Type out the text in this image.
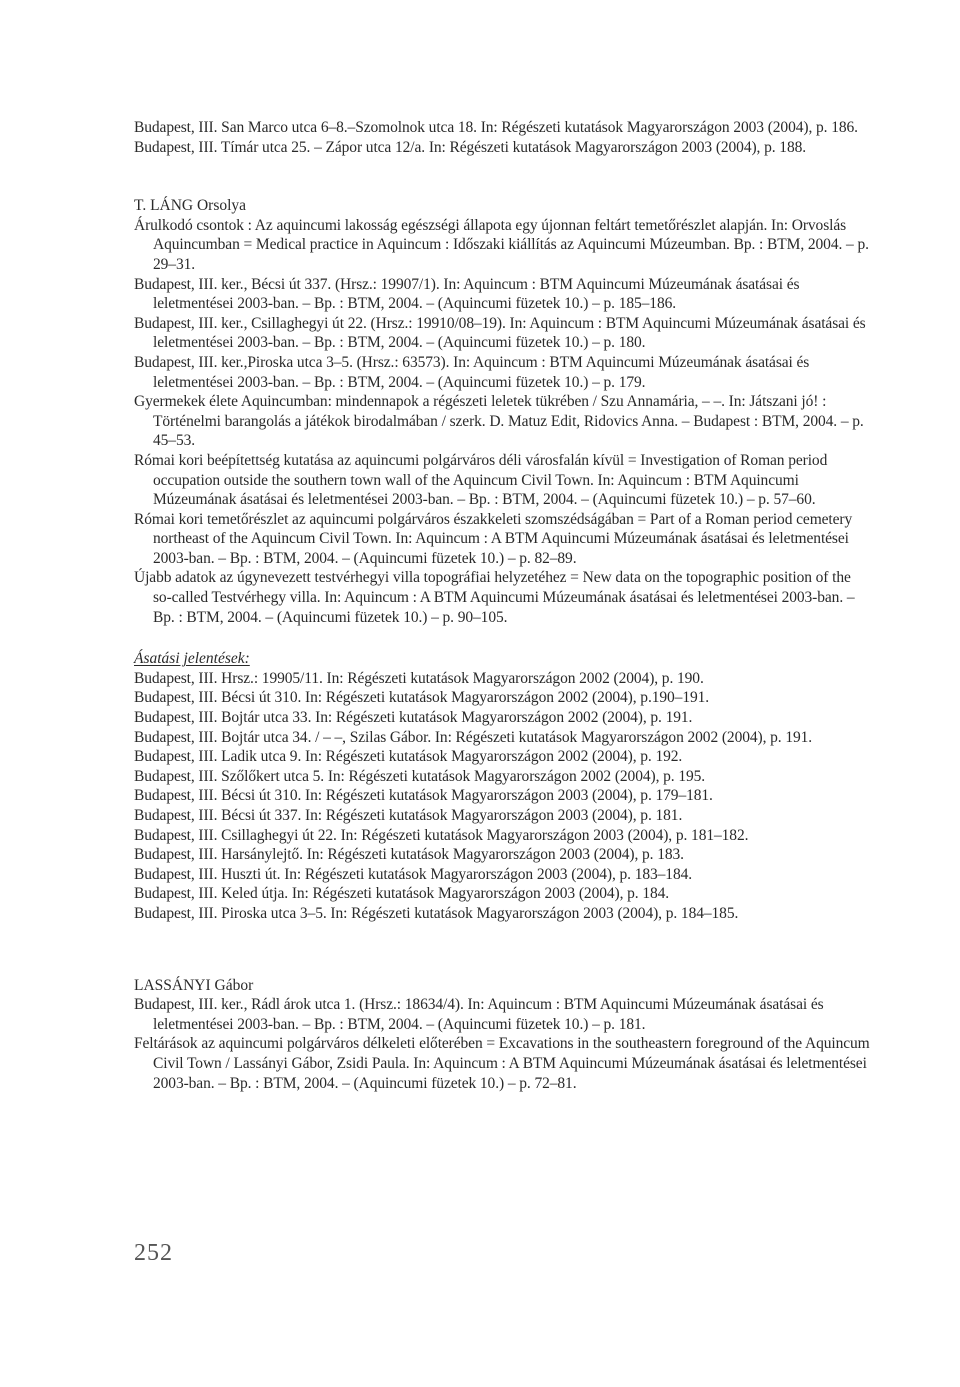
Budapest, III. San Marco utca 6–8.–Szomolnok utca 18. In: Régészeti kutatások Magyarországon 2003 (2004), p. 186.

Budapest, III. Tímár utca 25. – Zápor utca 12/a. In: Régészeti kutatások Magyarországon 2003 (2004), p. 188.

T. LÁNG Orsolya

Árulkodó csontok : Az aquincumi lakosság egészségi állapota egy újonnan feltárt temetőrészlet alapján. In: Orvoslás Aquincumban = Medical practice in Aquincum : Időszaki kiállítás az Aquincumi Múzeumban. Bp. : BTM, 2004. – p. 29–31.

Budapest, III. ker., Bécsi út 337. (Hrsz.: 19907/1). In: Aquincum : BTM Aquincumi Múzeumának ásatásai és leletmentései 2003-ban. – Bp. : BTM, 2004. – (Aquincumi füzetek 10.) – p. 185–186.

Budapest, III. ker., Csillaghegyi út 22. (Hrsz.: 19910/08–19). In: Aquincum : BTM Aquincumi Múzeumának ásatásai és leletmentései 2003-ban. – Bp. : BTM, 2004. – (Aquincumi füzetek 10.) – p. 180.

Budapest, III. ker.,Piroska utca 3–5. (Hrsz.: 63573). In: Aquincum : BTM Aquincumi Múzeumának ásatásai és leletmentései 2003-ban. – Bp. : BTM, 2004. – (Aquincumi füzetek 10.) – p. 179.

Gyermekek élete Aquincumban: mindennapok a régészeti leletek tükrében / Szu Annamária, – –. In: Játszani jó! : Történelmi barangolás a játékok birodalmában / szerk. D. Matuz Edit, Ridovics Anna. – Budapest : BTM, 2004. – p. 45–53.

Római kori beépítettség kutatása az aquincumi polgárváros déli városfalán kívül = Investigation of Roman period occupation outside the southern town wall of the Aquincum Civil Town. In: Aquincum : BTM Aquincumi Múzeumának ásatásai és leletmentései 2003-ban. – Bp. : BTM, 2004. – (Aquincumi füzetek 10.) – p. 57–60.

Római kori temetőrészlet az aquincumi polgárváros északkeleti szomszédságában = Part of a Roman period cemetery northeast of the Aquincum Civil Town. In: Aquincum : A BTM Aquincumi Múzeumának ásatásai és leletmentései 2003-ban. – Bp. : BTM, 2004. – (Aquincumi füzetek 10.) – p. 82–89.

Újabb adatok az úgynevezett testvérhegyi villa topográfiai helyzetéhez = New data on the topographic position of the so-called Testvérhegy villa. In: Aquincum : A BTM Aquincumi Múzeumának ásatásai és leletmentései 2003-ban. – Bp. : BTM, 2004. – (Aquincumi füzetek 10.) – p. 90–105.

Ásatási jelentések:

Budapest, III. Hrsz.: 19905/11. In: Régészeti kutatások Magyarországon 2002 (2004), p. 190.

Budapest, III. Bécsi út 310. In: Régészeti kutatások Magyarországon 2002 (2004), p.190–191.

Budapest, III. Bojtár utca 33. In: Régészeti kutatások Magyarországon 2002 (2004), p. 191.

Budapest, III. Bojtár utca 34. / – –, Szilas Gábor. In: Régészeti kutatások Magyarországon 2002 (2004), p. 191.

Budapest, III. Ladik utca 9. In: Régészeti kutatások Magyarországon 2002 (2004), p. 192.

Budapest, III. Szőlőkert utca 5. In: Régészeti kutatások Magyarországon 2002 (2004), p. 195.

Budapest, III. Bécsi út 310. In: Régészeti kutatások Magyarországon 2003 (2004), p. 179–181.

Budapest, III. Bécsi út 337. In: Régészeti kutatások Magyarországon 2003 (2004), p. 181.

Budapest, III. Csillaghegyi út 22. In: Régészeti kutatások Magyarországon 2003 (2004), p. 181–182.

Budapest, III. Harsánylejtő. In: Régészeti kutatások Magyarországon 2003 (2004), p. 183.

Budapest, III. Huszti út. In: Régészeti kutatások Magyarországon 2003 (2004), p. 183–184.

Budapest, III. Keled útja. In: Régészeti kutatások Magyarországon 2003 (2004), p. 184.

Budapest, III. Piroska utca 3–5. In: Régészeti kutatások Magyarországon 2003 (2004), p. 184–185.

LASSÁNYI Gábor

Budapest, III. ker., Rádl árok utca 1. (Hrsz.: 18634/4). In: Aquincum : BTM Aquincumi Múzeumának ásatásai és leletmentései 2003-ban. – Bp. : BTM, 2004. – (Aquincumi füzetek 10.) – p. 181.

Feltárások az aquincumi polgárváros délkeleti előterében = Excavations in the southeastern foreground of the Aquincum Civil Town / Lassányi Gábor, Zsidi Paula. In: Aquincum : A BTM Aquincumi Múzeumának ásatásai és leletmentései 2003-ban. – Bp. : BTM, 2004. – (Aquincumi füzetek 10.) – p. 72–81.

252
